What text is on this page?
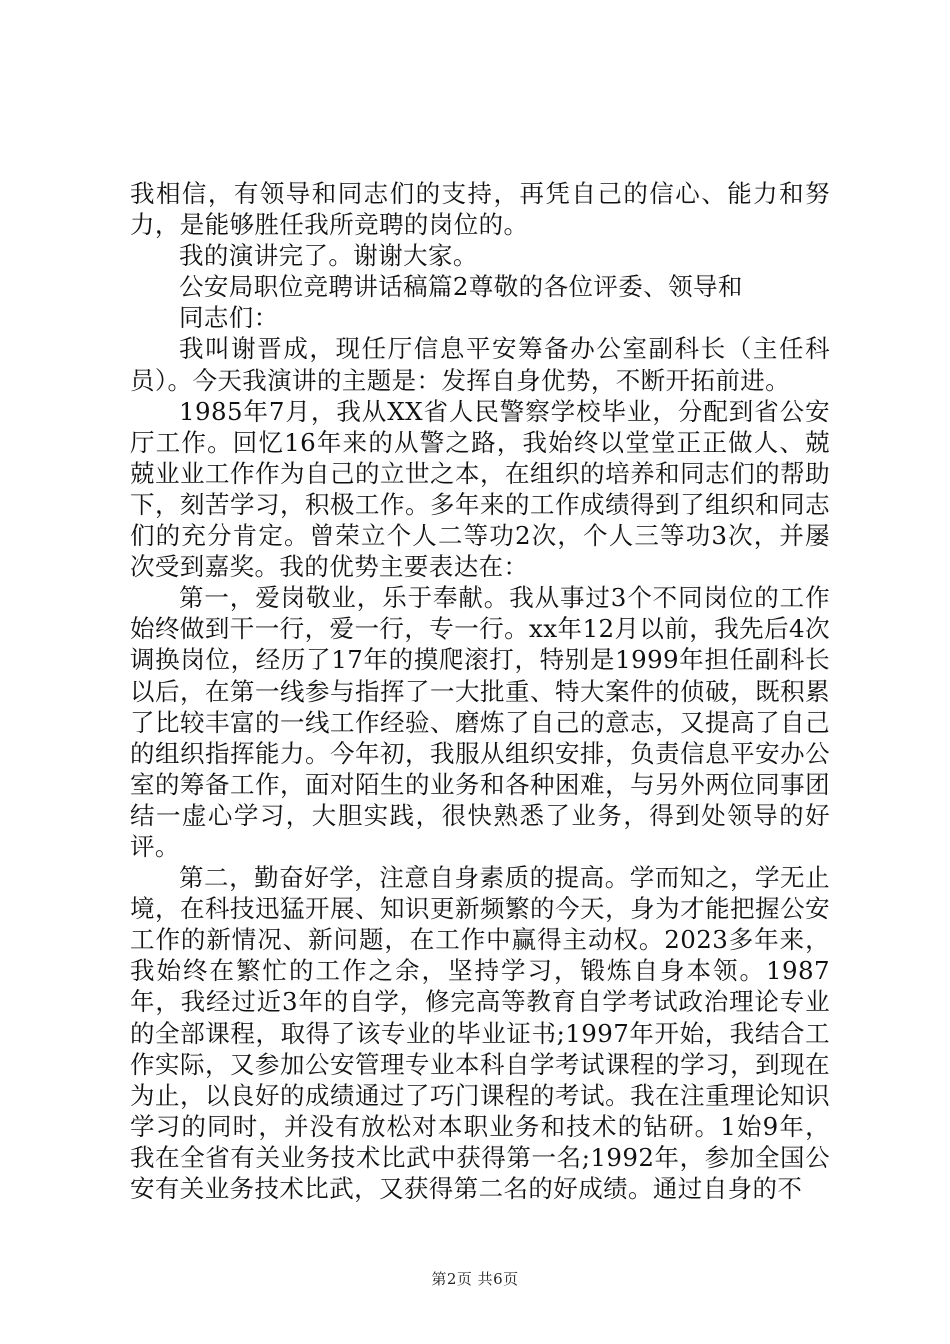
我相信，有领导和同志们的支持，再凭自己的信心、能力和努力，是能够胜任我所竞聘的岗位的。

我的演讲完了。谢谢大家。

公安局职位竞聘讲话稿篇2尊敬的各位评委、领导和

同志们：

我叫谢晋成，现任厅信息平安筹备办公室副科长（主任科员）。今天我演讲的主题是：发挥自身优势，不断开拓前进。

1985年7月，我从XX省人民警察学校毕业，分配到省公安厅工作。回忆16年来的从警之路，我始终以堂堂正正做人、兢兢业业工作作为自己的立世之本，在组织的培养和同志们的帮助下，刻苦学习，积极工作。多年来的工作成绩得到了组织和同志们的充分肯定。曾荣立个人二等功2次，个人三等功3次，并屡次受到嘉奖。我的优势主要表达在：

第一，爱岗敬业，乐于奉献。我从事过3个不同岗位的工作始终做到干一行，爱一行，专一行。xx年12月以前，我先后4次调换岗位，经历了17年的摸爬滚打，特别是1999年担任副科长以后，在第一线参与指挥了一大批重、特大案件的侦破，既积累了比较丰富的一线工作经验、磨炼了自己的意志，又提高了自己的组织指挥能力。今年初，我服从组织安排，负责信息平安办公室的筹备工作，面对陌生的业务和各种困难，与另外两位同事团结一虚心学习，大胆实践，很快熟悉了业务，得到处领导的好评。

第二，勤奋好学，注意自身素质的提高。学而知之，学无止境，在科技迅猛开展、知识更新频繁的今天，身为才能把握公安工作的新情况、新问题，在工作中赢得主动权。2023多年来，我始终在繁忙的工作之余，坚持学习，锻炼自身本领。1987年，我经过近3年的自学，修完高等教育自学考试政治理论专业的全部课程，取得了该专业的毕业证书;1997年开始，我结合工作实际，又参加公安管理专业本科自学考试课程的学习，到现在为止，以良好的成绩通过了巧门课程的考试。我在注重理论知识学习的同时，并没有放松对本职业务和技术的钻研。1始9年，我在全省有关业务技术比武中获得第一名;1992年，参加全国公安有关业务技术比武，又获得第二名的好成绩。通过自身的不

第2页 共6页
